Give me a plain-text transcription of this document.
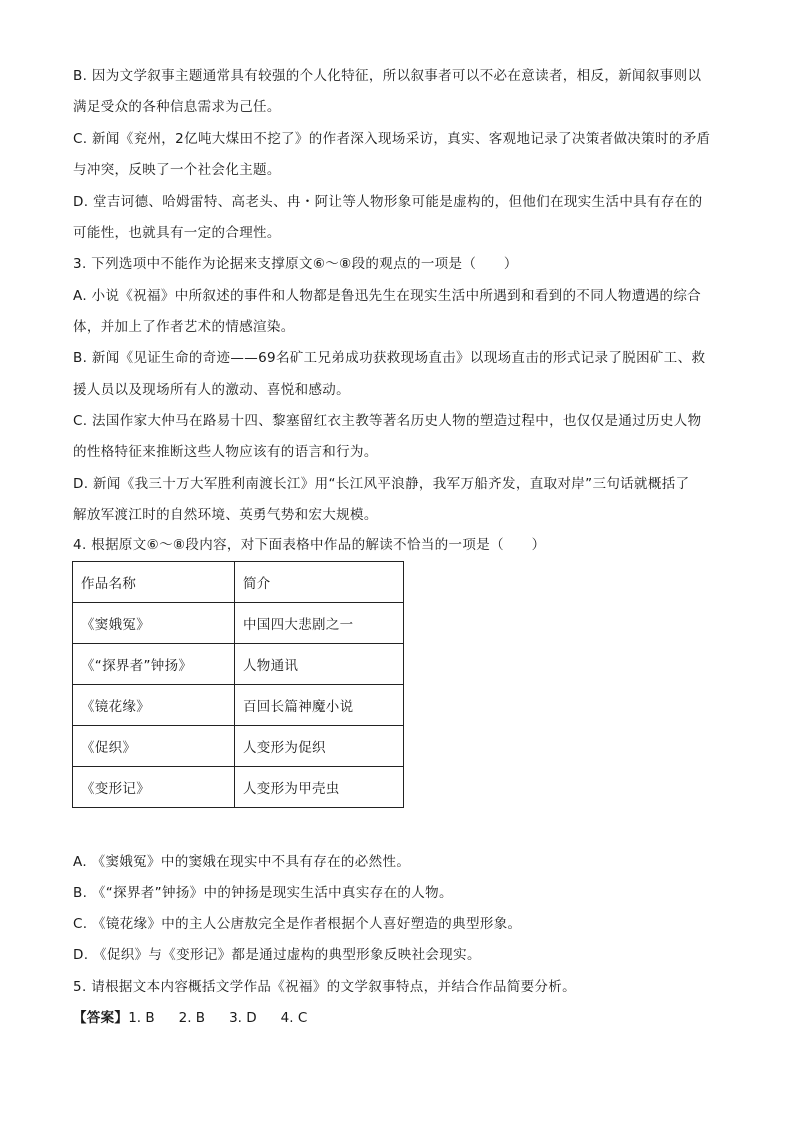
B. 因为文学叙事主题通常具有较强的个人化特征，所以叙事者可以不必在意读者，相反，新闻叙事则以
满足受众的各种信息需求为己任。
C. 新闻《兖州，2亿吨大煤田不挖了》的作者深入现场采访，真实、客观地记录了决策者做决策时的矛盾
与冲突，反映了一个社会化主题。
D. 堂吉诃德、哈姆雷特、高老头、冉・阿让等人物形象可能是虚构的，但他们在现实生活中具有存在的
可能性，也就具有一定的合理性。
3. 下列选项中不能作为论据来支撑原文⑥～⑧段的观点的一项是（　　）
A. 小说《祝福》中所叙述的事件和人物都是鲁迅先生在现实生活中所遇到和看到的不同人物遭遇的综合
体，并加上了作者艺术的情感渲染。
B. 新闻《见证生命的奇迹——69名矿工兄弟成功获救现场直击》以现场直击的形式记录了脱困矿工、救
援人员以及现场所有人的激动、喜悦和感动。
C. 法国作家大仲马在路易十四、黎塞留红衣主教等著名历史人物的塑造过程中，也仅仅是通过历史人物
的性格特征来推断这些人物应该有的语言和行为。
D. 新闻《我三十万大军胜利南渡长江》用“长江风平浪静，我军万船齐发，直取对岸”三句话就概括了
解放军渡江时的自然环境、英勇气势和宏大规模。
4. 根据原文⑥～⑧段内容，对下面表格中作品的解读不恰当的一项是（　　）
作品名称	简介
《窦娥冤》	中国四大悲剧之一
《“探界者”钟扬》	人物通讯
《镜花缘》	百回长篇神魔小说
《促织》	人变形为促织
《变形记》	人变形为甲壳虫
A. 《窦娥冤》中的窦娥在现实中不具有存在的必然性。
B. 《“探界者”钟扬》中的钟扬是现实生活中真实存在的人物。
C. 《镜花缘》中的主人公唐敖完全是作者根据个人喜好塑造的典型形象。
D. 《促织》与《变形记》都是通过虚构的典型形象反映社会现实。
5. 请根据文本内容概括文学作品《祝福》的文学叙事特点，并结合作品简要分析。
【答案】1. B 2. B 3. D 4. C
